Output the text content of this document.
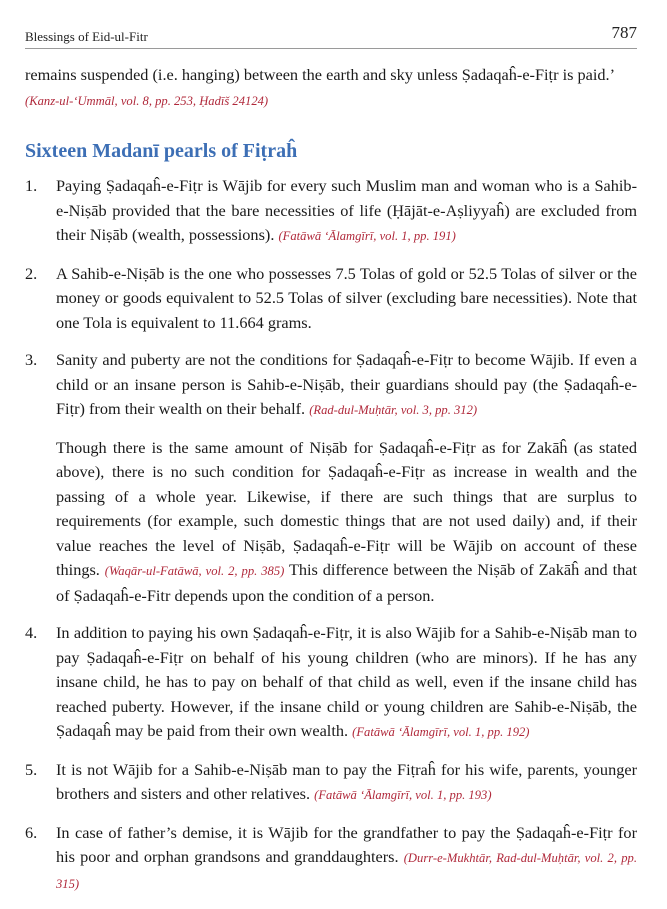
Blessings of Eid-ul-Fitr	787

remains suspended (i.e. hanging) between the earth and sky unless Ṣadaqaĥ-e-Fiṭr is paid.’
(Kanz-ul-‘Ummāl, vol. 8, pp. 253, Ḥadīš 24124)

Sixteen Madanī pearls of Fiṭraĥ
1. Paying Ṣadaqaĥ-e-Fiṭr is Wājib for every such Muslim man and woman who is a Sahib-e-Niṣāb provided that the bare necessities of life (Ḥājāt-e-Aṣliyyaĥ) are excluded from their Niṣāb (wealth, possessions). (Fatāwā ‘Ālamgīrī, vol. 1, pp. 191)

2. A Sahib-e-Niṣāb is the one who possesses 7.5 Tolas of gold or 52.5 Tolas of silver or the money or goods equivalent to 52.5 Tolas of silver (excluding bare necessities). Note that one Tola is equivalent to 11.664 grams.

3. Sanity and puberty are not the conditions for Ṣadaqaĥ-e-Fiṭr to become Wājib. If even a child or an insane person is Sahib-e-Niṣāb, their guardians should pay (the Ṣadaqaĥ-e-Fiṭr) from their wealth on their behalf. (Rad-dul-Muḥtār, vol. 3, pp. 312)

Though there is the same amount of Niṣāb for Ṣadaqaĥ-e-Fiṭr as for Zakāĥ (as stated above), there is no such condition for Ṣadaqaĥ-e-Fiṭr as increase in wealth and the passing of a whole year. Likewise, if there are such things that are surplus to requirements (for example, such domestic things that are not used daily) and, if their value reaches the level of Niṣāb, Ṣadaqaĥ-e-Fiṭr will be Wājib on account of these things. (Waqār-ul-Fatāwā, vol. 2, pp. 385) This difference between the Niṣāb of Zakāĥ and that of Ṣadaqaĥ-e-Fitr depends upon the condition of a person.

4. In addition to paying his own Ṣadaqaĥ-e-Fiṭr, it is also Wājib for a Sahib-e-Niṣāb man to pay Ṣadaqaĥ-e-Fiṭr on behalf of his young children (who are minors). If he has any insane child, he has to pay on behalf of that child as well, even if the insane child has reached puberty. However, if the insane child or young children are Sahib-e-Niṣāb, the Ṣadaqaĥ may be paid from their own wealth. (Fatāwā ‘Ālamgīrī, vol. 1, pp. 192)

5. It is not Wājib for a Sahib-e-Niṣāb man to pay the Fiṭraĥ for his wife, parents, younger brothers and sisters and other relatives. (Fatāwā ‘Ālamgīrī, vol. 1, pp. 193)

6. In case of father’s demise, it is Wājib for the grandfather to pay the Ṣadaqaĥ-e-Fiṭr for his poor and orphan grandsons and granddaughters. (Durr-e-Mukhtār, Rad-dul-Muḥtār, vol. 2, pp. 315)
